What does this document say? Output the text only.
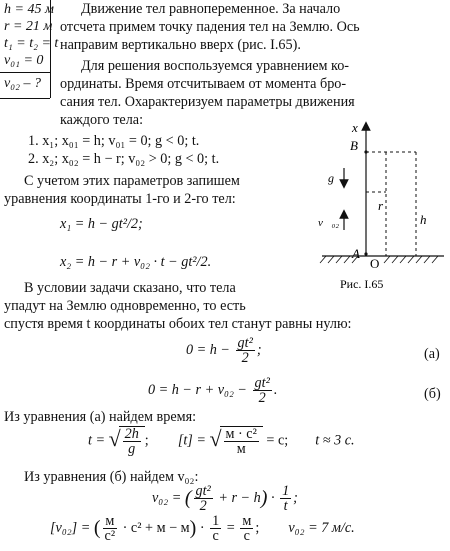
h = 45 м
r = 21 м
t₁ = t₂ = t
v₀₁ = 0
v₀₂ – ?
Движение тел равнопеременное. За начало
отсчета примем точку падения тел на Землю. Ось
направим вертикально вверх (рис. I.65).
Для решения воспользуемся уравнением ко-
ординаты. Время отсчитываем от момента бро-
сания тел. Охарактеризуем параметры движения
каждого тела:
1. x₁; x₀₁ = h; v₀₁ = 0; g < 0; t.
2. x₂; x₀₂ = h − r; v₀₂ > 0; g < 0; t.
С учетом этих параметров запишем
уравнения координаты 1-го и 2-го тел:
x₁ = h − gt²/2;
x₂ = h − r + v₀₂ · t − gt²/2.
В условии задачи сказано, что тела
упадут на Землю одновременно, то есть
спустя время t координаты обоих тел станут равны нулю:
$0 = h - \frac{\text{gt²}}{2}$ ;	(а)
$0 = h - r + v_{02} - \frac{\text{gt²}}{2}$ .	(б)
Из уравнения (а) найдем время:
t = √ $\frac{2h}{g}$ ; [t] = √ $\frac{\text{м · с²}}{м} = с$; t ≈ 3 с.
Из уравнения (б) найдем v₀₂:
v₀₂ = ( $\frac{\text{gt²}}{2} + r - h) \cdot \frac{1}{t}$ ;
[v₀₂] = ( $\frac{м}{\text{с²}} \cdot с^2 + м - м) \cdot \frac{1}{с} = \frac{м}{с}$ ; v₀₂ = 7 м/с.
x
B
A
O
r
h
g⃗
v⃗₀₂
Рис. I.65
